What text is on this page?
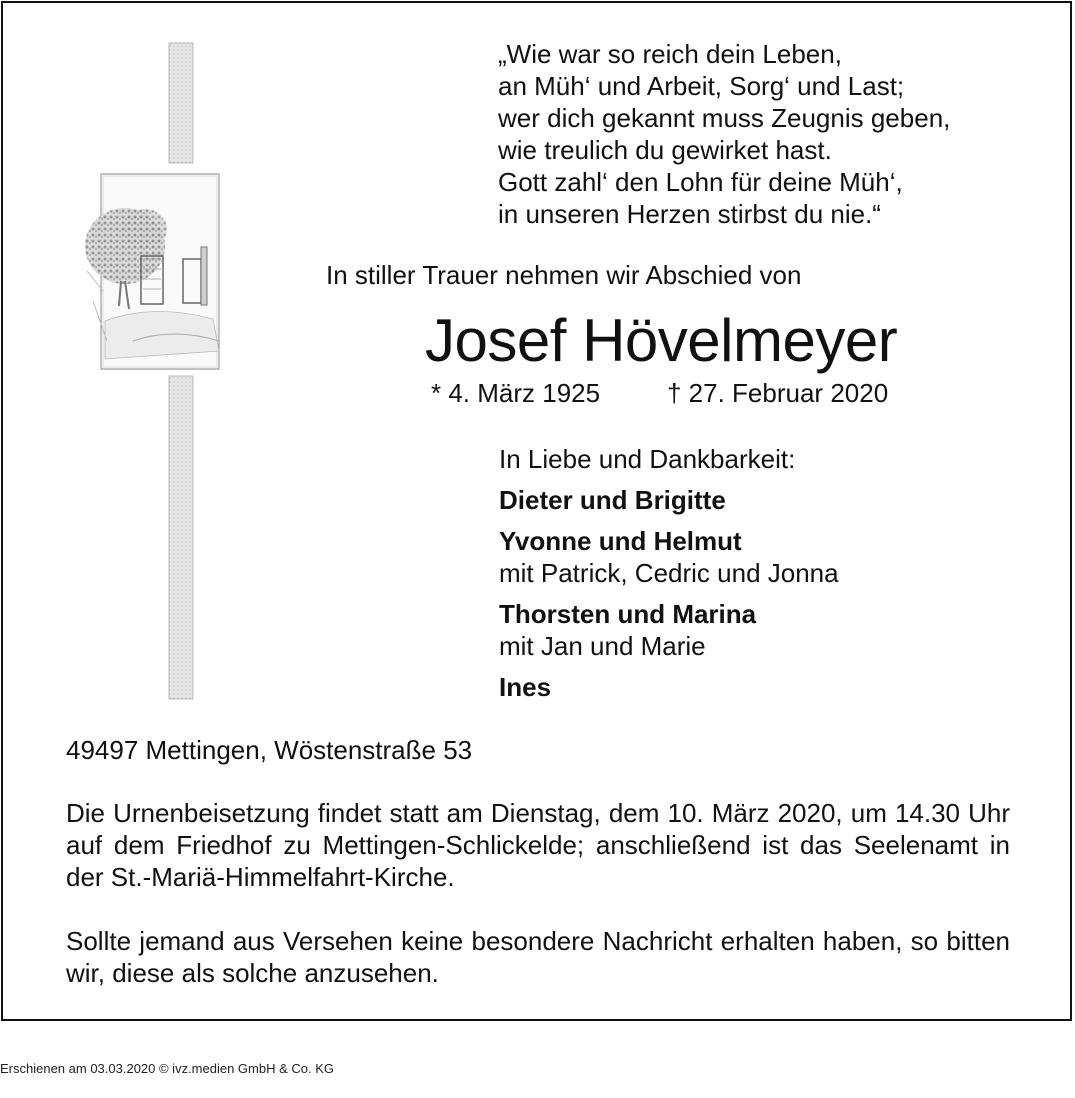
„Wie war so reich dein Leben,
an Müh‘ und Arbeit, Sorg‘ und Last;
wer dich gekannt muss Zeugnis geben,
wie treulich du gewirket hast.
Gott zahl‘ den Lohn für deine Müh‘,
in unseren Herzen stirbst du nie.“
In stiller Trauer nehmen wir Abschied von
Josef Hövelmeyer
* 4. März 1925	† 27. Februar 2020
In Liebe und Dankbarkeit:
Dieter und Brigitte
Yvonne und Helmut
mit Patrick, Cedric und Jonna
Thorsten und Marina
mit Jan und Marie
Ines
49497 Mettingen, Wöstenstraße 53
Die Urnenbeisetzung findet statt am Dienstag, dem 10. März 2020, um 14.30 Uhr auf dem Friedhof zu Mettingen-Schlickelde; anschließend ist das Seelenamt in der St.-Mariä-Himmelfahrt-Kirche.
Sollte jemand aus Versehen keine besondere Nachricht erhalten haben, so bitten wir, diese als solche anzusehen.
Erschienen am 03.03.2020 © ivz.medien GmbH & Co. KG
